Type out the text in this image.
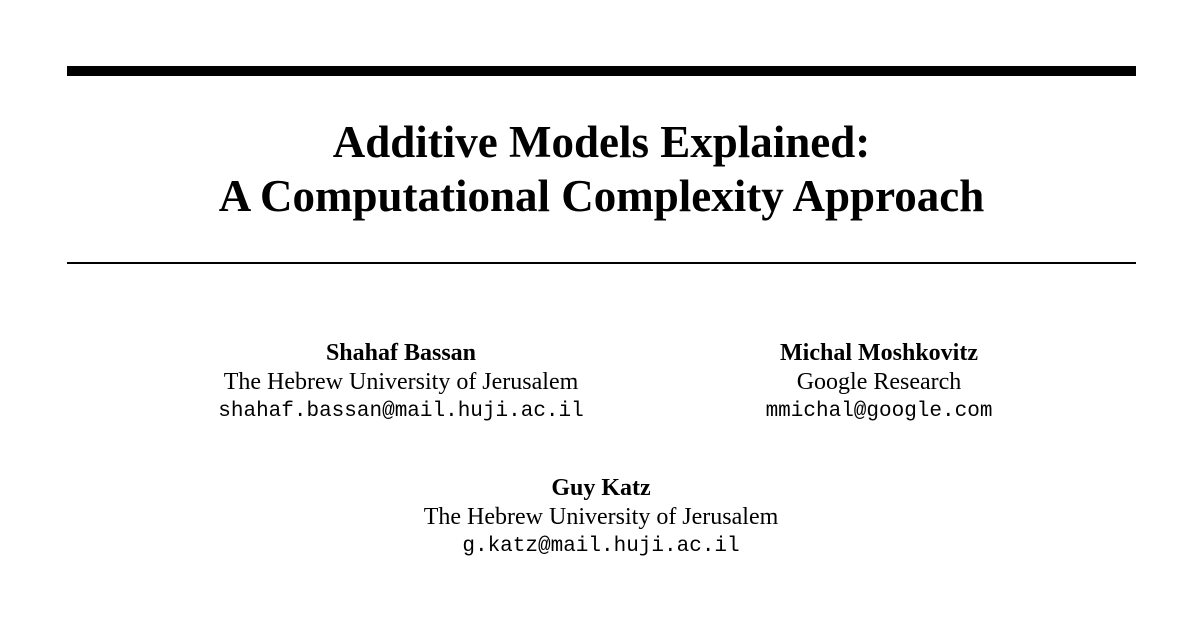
Additive Models Explained:
A Computational Complexity Approach
Shahaf Bassan
The Hebrew University of Jerusalem
shahaf.bassan@mail.huji.ac.il
Michal Moshkovitz
Google Research
mmichal@google.com
Guy Katz
The Hebrew University of Jerusalem
g.katz@mail.huji.ac.il
